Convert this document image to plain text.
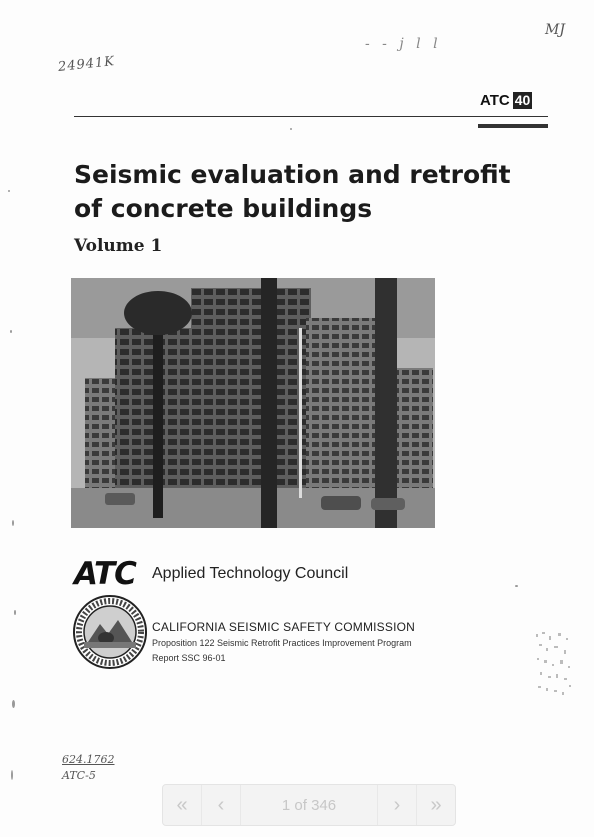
24941K
MJ
- - j l l
624.1762
ATC-5
ATC 40
Seismic evaluation and retrofit of concrete buildings
Volume 1
ATC Applied Technology Council
CALIFORNIA SEISMIC SAFETY COMMISSION
Proposition 122 Seismic Retrofit Practices Improvement Program
Report SSC 96-01
« ‹	1 of 346	› »
